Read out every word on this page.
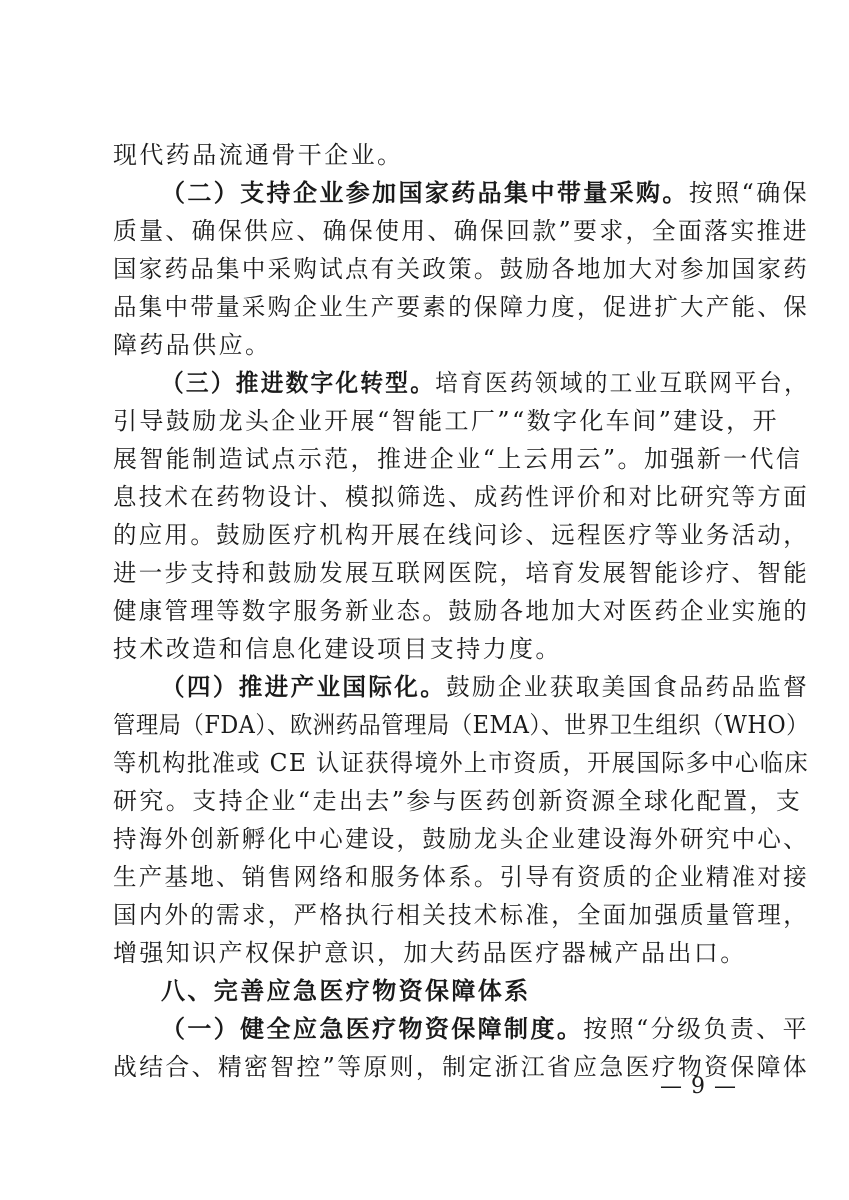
现代药品流通骨干企业。
（二）支持企业参加国家药品集中带量采购。按照“确保
质量、确保供应、确保使用、确保回款”要求，全面落实推进
国家药品集中采购试点有关政策。鼓励各地加大对参加国家药
品集中带量采购企业生产要素的保障力度，促进扩大产能、保
障药品供应。
（三）推进数字化转型。培育医药领域的工业互联网平台，
引导鼓励龙头企业开展“智能工厂”“数字化车间”建设，开
展智能制造试点示范，推进企业“上云用云”。加强新一代信
息技术在药物设计、模拟筛选、成药性评价和对比研究等方面
的应用。鼓励医疗机构开展在线问诊、远程医疗等业务活动，
进一步支持和鼓励发展互联网医院，培育发展智能诊疗、智能
健康管理等数字服务新业态。鼓励各地加大对医药企业实施的
技术改造和信息化建设项目支持力度。
（四）推进产业国际化。鼓励企业获取美国食品药品监督
管理局（FDA）、欧洲药品管理局（EMA）、世界卫生组织（WHO）
等机构批准或 CE 认证获得境外上市资质，开展国际多中心临床
研究。支持企业“走出去”参与医药创新资源全球化配置，支
持海外创新孵化中心建设，鼓励龙头企业建设海外研究中心、
生产基地、销售网络和服务体系。引导有资质的企业精准对接
国内外的需求，严格执行相关技术标准，全面加强质量管理，
增强知识产权保护意识，加大药品医疗器械产品出口。
八、完善应急医疗物资保障体系
（一）健全应急医疗物资保障制度。按照“分级负责、平
战结合、精密智控”等原则，制定浙江省应急医疗物资保障体
— 9 —
